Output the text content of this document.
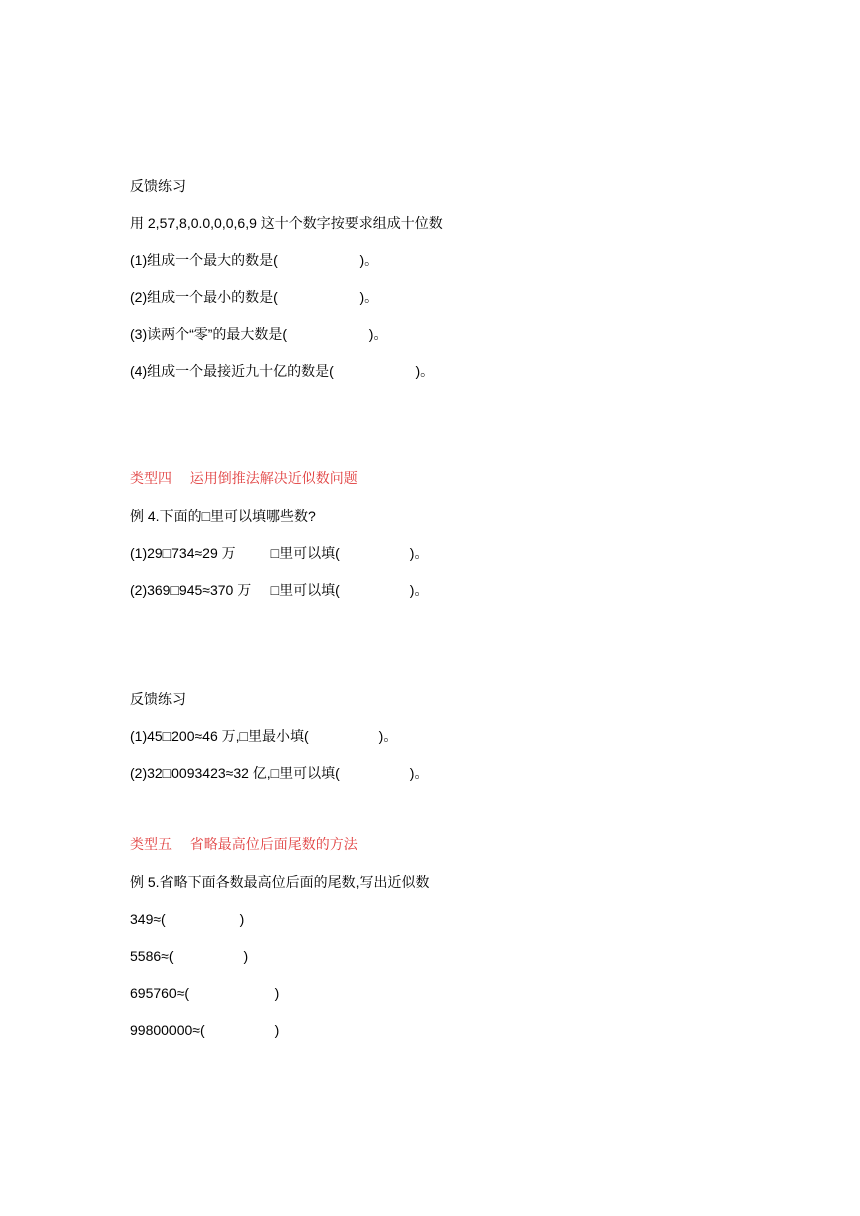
反馈练习
用 2,57,8,0.0,0,0,6,9 这十个数字按要求组成十位数
(1)组成一个最大的数是(                     )。
(2)组成一个最小的数是(                     )。
(3)读两个“零”的最大数是(                     )。
(4)组成一个最接近九十亿的数是(                     )。
类型四    运用倒推法解决近似数问题
例 4.下面的□里可以填哪些数?
(1)29□734≈29 万         □里可以填(                  )。
(2)369□945≈370 万     □里可以填(                  )。
反馈练习
(1)45□200≈46 万,□里最小填(                  )。
(2)32□0093423≈32 亿,□里可以填(                  )。
类型五    省略最高位后面尾数的方法
例 5.省略下面各数最高位后面的尾数,写出近似数
349≈(                   )
5586≈(                  )
695760≈(                      )
99800000≈(                  )
